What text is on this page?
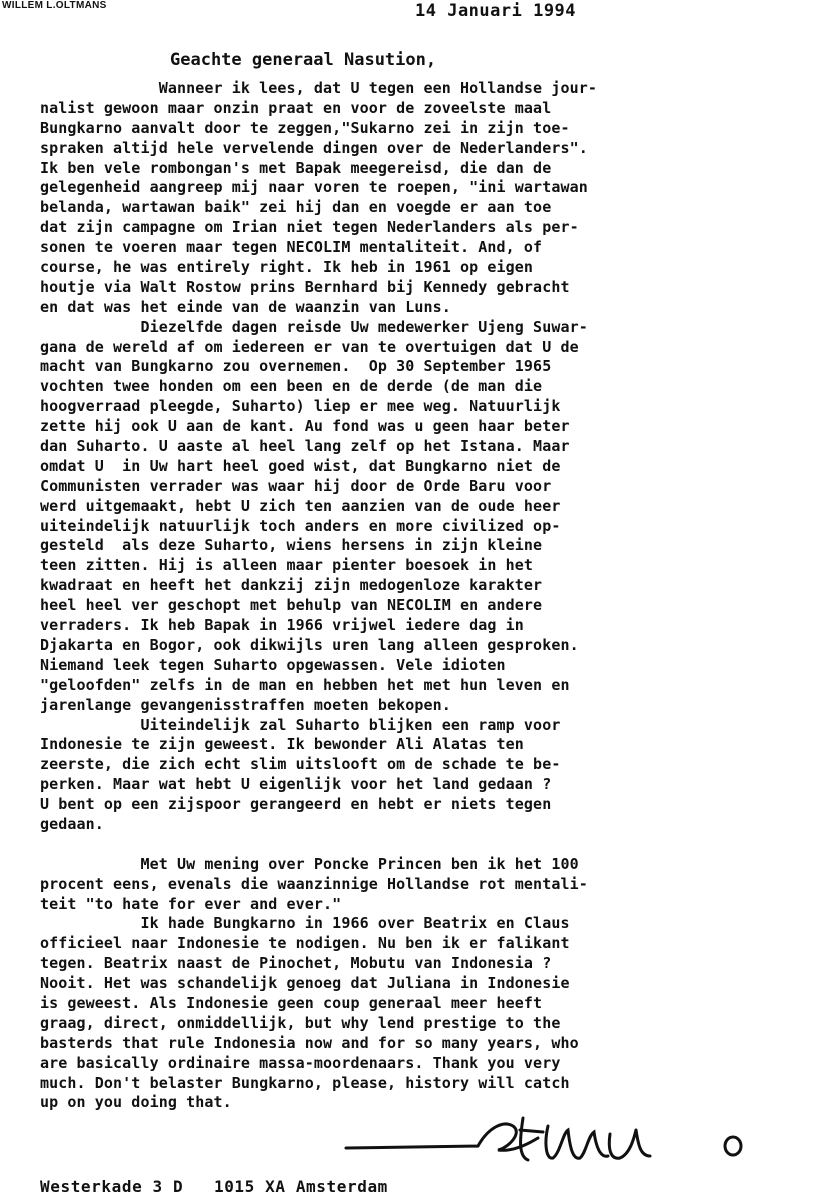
WILLEM L.OLTMANS	14 Januari 1994
Geachte generaal Nasution,
Wanneer ik lees, dat U tegen een Hollandse jour-
nalist gewoon maar onzin praat en voor de zoveelste maal
Bungkarno aanvalt door te zeggen,"Sukarno zei in zijn toe-
spraken altijd hele vervelende dingen over de Nederlanders".
Ik ben vele rombongan's met Bapak meegereisd, die dan de
gelegenheid aangreep mij naar voren te roepen, "ini wartawan
belanda, wartawan baik" zei hij dan en voegde er aan toe
dat zijn campagne om Irian niet tegen Nederlanders als per-
sonen te voeren maar tegen NECOLIM mentaliteit. And, of
course, he was entirely right. Ik heb in 1961 op eigen
houtje via Walt Rostow prins Bernhard bij Kennedy gebracht
en dat was het einde van de waanzin van Luns.
Diezelfde dagen reisde Uw medewerker Ujeng Suwar-
gana de wereld af om iedereen er van te overtuigen dat U de
macht van Bungkarno zou overnemen.  Op 30 September 1965
vochten twee honden om een been en de derde (de man die
hoogverraad pleegde, Suharto) liep er mee weg. Natuurlijk
zette hij ook U aan de kant. Au fond was u geen haar beter
dan Suharto. U aaste al heel lang zelf op het Istana. Maar
omdat U  in Uw hart heel goed wist, dat Bungkarno niet de
Communisten verrader was waar hij door de Orde Baru voor
werd uitgemaakt, hebt U zich ten aanzien van de oude heer
uiteindelijk natuurlijk toch anders en more civilized op-
gesteld  als deze Suharto, wiens hersens in zijn kleine
teen zitten. Hij is alleen maar pienter boesoek in het
kwadraat en heeft het dankzij zijn medogenloze karakter
heel heel ver geschopt met behulp van NECOLIM en andere
verraders. Ik heb Bapak in 1966 vrijwel iedere dag in
Djakarta en Bogor, ook dikwijls uren lang alleen gesproken.
Niemand leek tegen Suharto opgewassen. Vele idioten
"geloofden" zelfs in de man en hebben het met hun leven en
jarenlange gevangenisstraffen moeten bekopen.
Uiteindelijk zal Suharto blijken een ramp voor
Indonesie te zijn geweest. Ik bewonder Ali Alatas ten
zeerste, die zich echt slim uitslooft om de schade te be-
perken. Maar wat hebt U eigenlijk voor het land gedaan ?
U bent op een zijspoor gerangeerd en hebt er niets tegen
gedaan.
Met Uw mening over Poncke Princen ben ik het 100
procent eens, evenals die waanzinnige Hollandse rot mentali-
teit "to hate for ever and ever."
Ik hade Bungkarno in 1966 over Beatrix en Claus
officieel naar Indonesie te nodigen. Nu ben ik er falikant
tegen. Beatrix naast de Pinochet, Mobutu van Indonesia ?
Nooit. Het was schandelijk genoeg dat Juliana in Indonesie
is geweest. Als Indonesie geen coup generaal meer heeft
graag, direct, onmiddellijk, but why lend prestige to the
basterds that rule Indonesia now and for so many years, who
are basically ordinaire massa-moordenaars. Thank you very
much. Don't belaster Bungkarno, please, history will catch
up on you doing that.
Westerkade 3 D   1015 XA Amsterdam
